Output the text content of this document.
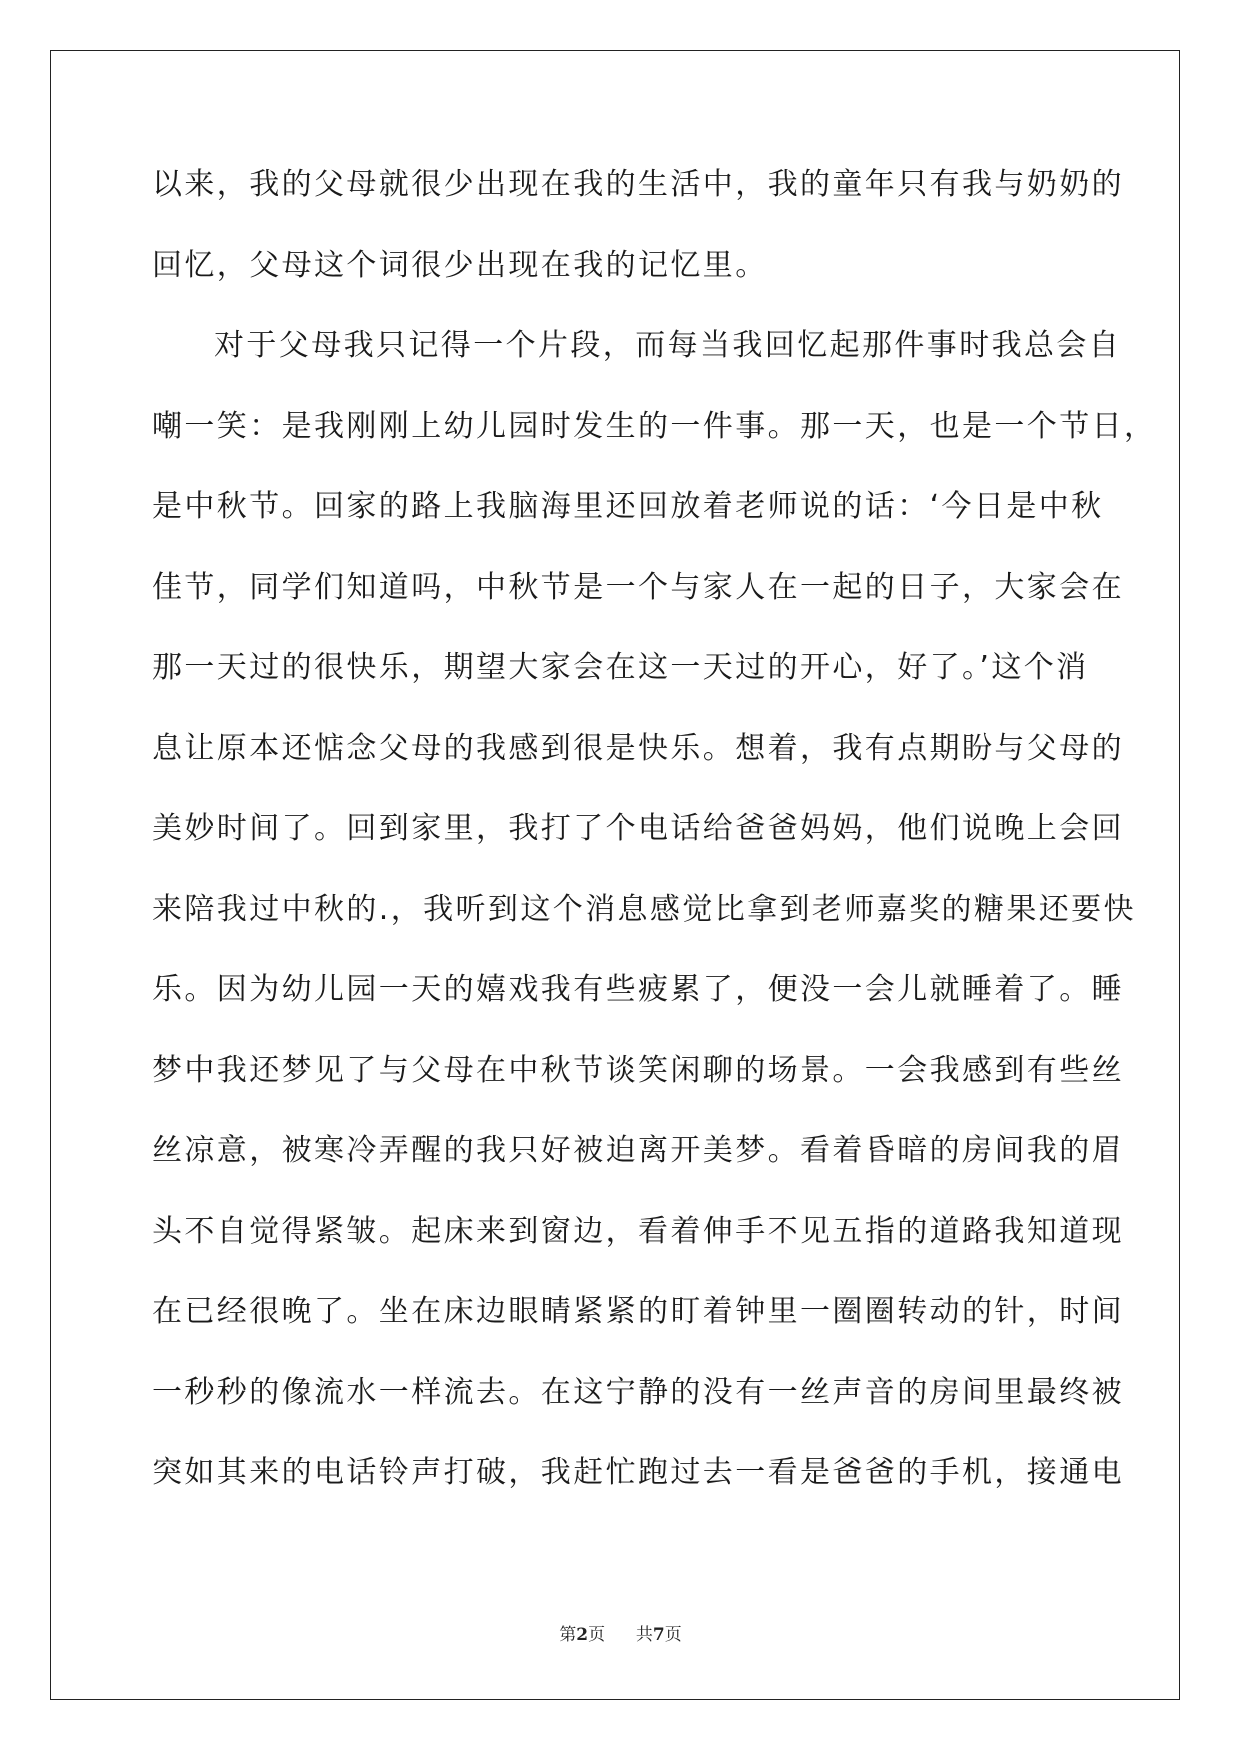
以来，我的父母就很少出现在我的生活中，我的童年只有我与奶奶的
回忆，父母这个词很少出现在我的记忆里。
对于父母我只记得一个片段，而每当我回忆起那件事时我总会自
嘲一笑：是我刚刚上幼儿园时发生的一件事。那一天，也是一个节日，
是中秋节。回家的路上我脑海里还回放着老师说的话：‘今日是中秋
佳节，同学们知道吗，中秋节是一个与家人在一起的日子，大家会在
那一天过的很快乐，期望大家会在这一天过的开心，好了。’这个消
息让原本还惦念父母的我感到很是快乐。想着，我有点期盼与父母的
美妙时间了。回到家里，我打了个电话给爸爸妈妈，他们说晚上会回
来陪我过中秋的.，我听到这个消息感觉比拿到老师嘉奖的糖果还要快
乐。因为幼儿园一天的嬉戏我有些疲累了，便没一会儿就睡着了。睡
梦中我还梦见了与父母在中秋节谈笑闲聊的场景。一会我感到有些丝
丝凉意，被寒冷弄醒的我只好被迫离开美梦。看着昏暗的房间我的眉
头不自觉得紧皱。起床来到窗边，看着伸手不见五指的道路我知道现
在已经很晚了。坐在床边眼睛紧紧的盯着钟里一圈圈转动的针，时间
一秒秒的像流水一样流去。在这宁静的没有一丝声音的房间里最终被
突如其来的电话铃声打破，我赶忙跑过去一看是爸爸的手机，接通电
第2页 共7页
